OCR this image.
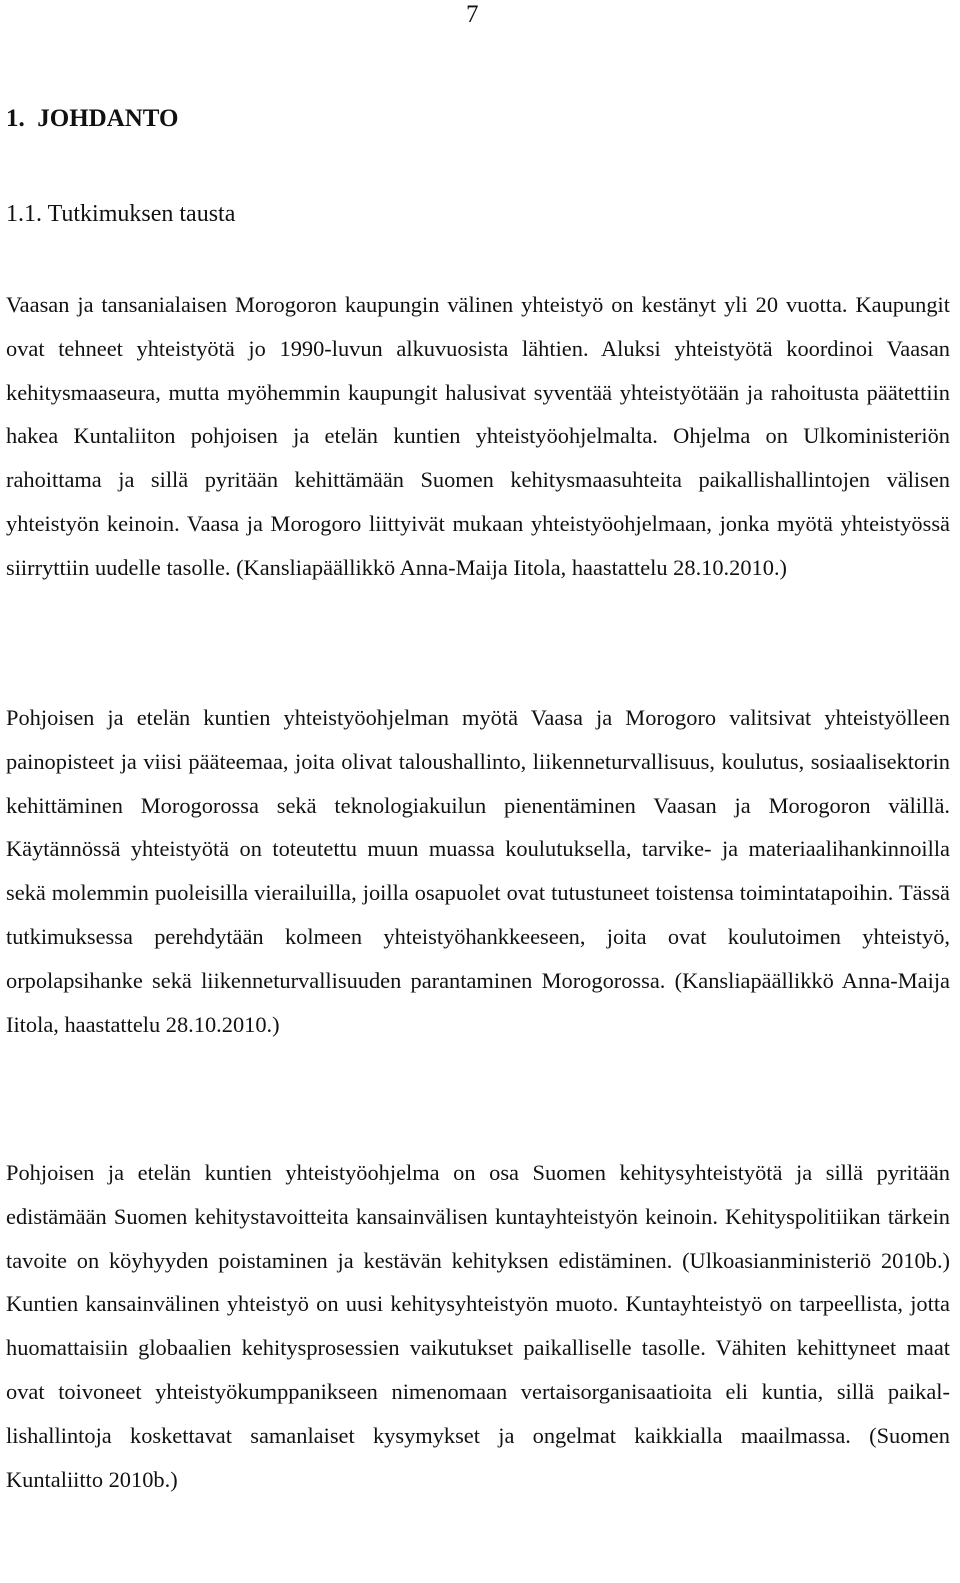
7
1.  JOHDANTO
1.1. Tutkimuksen tausta

Vaasan ja tansanialaisen Morogoron kaupungin välinen yhteistyö on kestänyt yli 20 vuotta. Kaupungit ovat tehneet yhteistyötä jo 1990-luvun alkuvuosista lähtien. Aluksi yhteistyötä koordinoi Vaasan kehitysmaaseura, mutta myöhemmin kaupungit halusivat syventää yhteistyötään ja rahoitusta päätettiin hakea Kuntaliiton pohjoisen ja etelän kuntien yhteistyöohjelmalta. Ohjelma on Ulkoministeriön rahoittama ja sillä pyritään kehittämään Suomen kehitysmaasuhteita paikallishallintojen välisen yhteistyön keinoin. Vaasa ja Morogoro liittyivät mukaan yhteistyöohjelmaan, jonka myötä yhteistyössä siirryttiin uudelle tasolle. (Kansliapäällikkö Anna-Maija Iitola, haastattelu 28.10.2010.)

Pohjoisen ja etelän kuntien yhteistyöohjelman myötä Vaasa ja Morogoro valitsivat yhteistyölleen painopisteet ja viisi pääteemaa, joita olivat taloushallinto, liikenneturvallisuus, koulutus, sosiaalisektorin kehittäminen Morogorossa sekä teknologiakuilun pienentäminen Vaasan ja Morogoron välillä. Käytännössä yhteistyötä on toteutettu muun muassa koulutuksella, tarvike- ja materiaalihankinnoilla sekä molemmin puoleisilla vierailuilla, joilla osapuolet ovat tutustuneet toistensa toimintatapoihin. Tässä tutkimuksessa perehdytään kolmeen yhteistyöhankkeeseen, joita ovat koulutoimen yhteistyö, orpolapsihanke sekä liikenneturvallisuuden parantaminen Morogorossa. (Kansliapäällikkö Anna-Maija Iitola, haastattelu 28.10.2010.)

Pohjoisen ja etelän kuntien yhteistyöohjelma on osa Suomen kehitysyhteistyötä ja sillä pyritään edistämään Suomen kehitystavoitteita kansainvälisen kuntayhteistyön keinoin. Kehityspolitiikan tärkein tavoite on köyhyyden poistaminen ja kestävän kehityksen edistäminen. (Ulkoasianministeriö 2010b.) Kuntien kansainvälinen yhteistyö on uusi kehitysyhteistyön muoto. Kuntayhteistyö on tarpeellista, jotta huomattaisiin globaalien kehitysprosessien vaikutukset paikalliselle tasolle. Vähiten kehittyneet maat ovat toivoneet yhteistyökumppanikseen nimenomaan vertaisorganisaatioita eli kuntia, sillä paikallishallintoja koskettavat samanlaiset kysymykset ja ongelmat kaikkialla maailmassa. (Suomen Kuntaliitto 2010b.)
